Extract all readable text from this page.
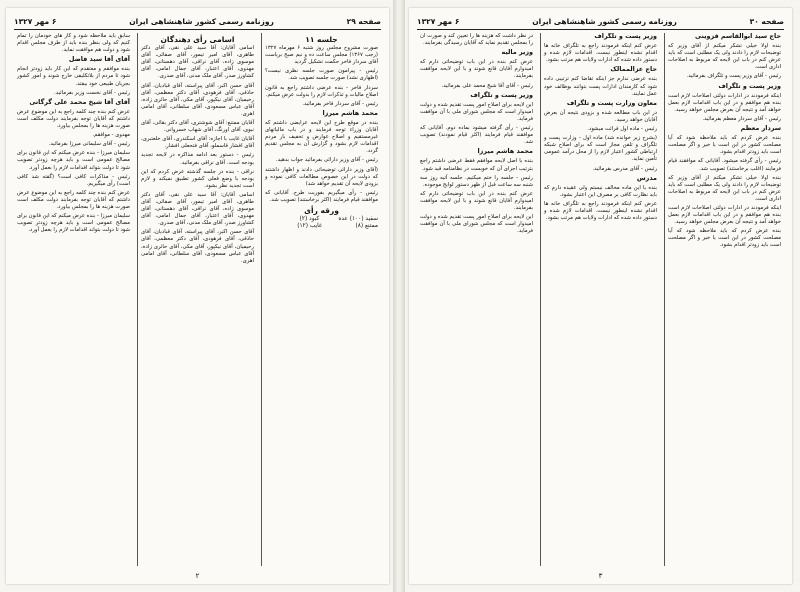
صفحه ۲۹
روزنامه رسمی کشور شاهنشاهی ایران
۶ مهر ۱۳۲۷
جلسه ۱۱

صورت مشروح مجلس روز شنبه ۶ مهرماه ۱۳۲۷ (رجب ۱۳۶۷) مجلس ساعت ده و نیم صبح بریاست آقای سردار فاخر حکمت تشکیل گردید

رئیس - پیرامون صورت جلسه نظری نیست؟ (اظهاری نشد) صورت جلسه تصویب شد.

سردار فاخر - بنده عرضی داشتم راجع به قانون اصلاح مالیات و تذکرات لازم را بدولت عرض میکنم.

رئیس - آقای سردار فاخر بفرمائید.

محمد هاشم میرزا

بنده در موقع طرح این لایحه عرایضی داشتم که آقایان وزراء توجه فرمایند و در باب مالیاتهای غیرمستقیم و اصلاح عوارض و تخفیف بار مردم اقدامات لازم بشود و گزارش آن به مجلس تقدیم گردد.

رئیس - آقای وزیر دارائی بفرمائید جواب بدهید.

(آقای وزیر دارائی توضیحاتی دادند و اظهار داشتند که دولت در این خصوص مطالعات کافی نموده و بزودی لایحه آن تقدیم خواهد شد)

رئیس - رأی میگیریم بفوریت طرح. آقایانی که موافقند قیام فرمایند (اکثر برخاستند) تصویب شد.

ورقه رأی
سفید (۱۰۰) عده کبود (۲) ممتنع (۸) غایب (۱۲)
اسامی رأی دهندگان

اسامی آقایان: آقا سید علی نقی، آقای دکتر طاهری، آقای امیر تیمور، آقای صفائی، آقای موسوی زاده، آقای نراقی، آقای دهستانی، آقای مهدوی، آقای اعتبار، آقای جمال امامی، آقای کشاورز صدر، آقای ملک مدنی، آقای صدری.

آقای حسن اکبر، آقای پیراسته، آقای قبادیان، آقای حاذقی، آقای فرهودی، آقای دکتر معظمی، آقای رحیمیان، آقای نیکپور، آقای مکی، آقای حائری زاده، آقای عباس مسعودی، آقای سلطانی، آقای امامی اهری.

آقایان ممتنع: آقای شوشتری، آقای دکتر بقائی، آقای نبوی، آقای اورنگ، آقای شهاب خسروانی.

آقایان غایب با اجازه: آقای اسکندری، آقای خلعتبری، آقای افشار قاسملو، آقای فتحعلی افشار.

رئیس - دستور بعد ادامه مذاکره در لایحه تجدید بودجه است. آقای نراقی بفرمائید.

نراقی - بنده در جلسه گذشته عرض کردم که این بودجه با وضع فعلی کشور تطبیق نمیکند و لازم است تجدید نظر بشود.

اسامی آقایان: آقا سید علی نقی، آقای دکتر طاهری، آقای امیر تیمور، آقای صفائی، آقای موسوی زاده، آقای نراقی، آقای دهستانی، آقای مهدوی، آقای اعتبار، آقای جمال امامی، آقای کشاورز صدر، آقای ملک مدنی، آقای صدری.

آقای حسن اکبر، آقای پیراسته، آقای قبادیان، آقای حاذقی، آقای فرهودی، آقای دکتر معظمی، آقای رحیمیان، آقای نیکپور، آقای مکی، آقای حائری زاده، آقای عباس مسعودی، آقای سلطانی، آقای امامی اهری.

سابق باید ملاحظه شود و کار های خودمان را تمام کنیم که ولی بنظر بنده باید از طرف مجلس اقدام شود و دولت هم موافقت نماید.

آقای آقا سید فاضل

بنده موافقم و معتقدم که این کار باید زودتر انجام شود تا مردم از بلاتکلیفی خارج شوند و امور کشور بجریان طبیعی خود بیفتد.

رئیس - آقای نخست وزیر بفرمائید.

آقای آقا شیخ محمد علی گرگانی

عرض کنم بنده چند کلمه راجع به این موضوع عرض داشتم که آقایان توجه بفرمایند دولت مکلف است صورت هزینه ها را بمجلس بیاورد.

مهدوی - موافقم.

رئیس - آقای سلیمانی میرزا بفرمائید.

سلیمان میرزا - بنده عرض میکنم که این قانون برای مصالح عمومی است و باید هرچه زودتر تصویب شود تا دولت بتواند اقدامات لازم را بعمل آورد.

رئیس - مذاکرات کافی است؟ (گفته شد کافی است) رأی میگیریم.

عرض کنم بنده چند کلمه راجع به این موضوع عرض داشتم که آقایان توجه بفرمایند دولت مکلف است صورت هزینه ها را بمجلس بیاورد.

سلیمان میرزا - بنده عرض میکنم که این قانون برای مصالح عمومی است و باید هرچه زودتر تصویب شود تا دولت بتواند اقدامات لازم را بعمل آورد.

۲
صفحه ۳۰
روزنامه رسمی کشور شاهنشاهی ایران
۶ مهر ۱۳۲۷

حاج سید ابوالقاسم قزوینی

بنده اولا خیلی تشکر میکنم از آقای وزیر که توضیحات لازم را دادند ولی یک مطلبی است که باید عرض کنم در باب این لایحه که مربوط به اصلاحات اداری است.

رئیس - آقای وزیر پست و تلگراف بفرمائید.

وزیر پست و تلگراف

اینکه فرمودند در ادارات دولتی اصلاحات لازم است بنده هم موافقم و در این باب اقدامات لازم بعمل خواهد آمد و نتیجه آن بعرض مجلس خواهد رسید.

رئیس - آقای سردار معظم بفرمائید.

سردار معظم

بنده عرض کردم که باید ملاحظه شود که آیا مصلحت کشور در این است یا خیر و اگر مصلحت است باید زودتر اقدام بشود.

رئیس - رأی گرفته میشود. آقایانی که موافقند قیام فرمایند (اغلب برخاستند) تصویب شد.

بنده اولا خیلی تشکر میکنم از آقای وزیر که توضیحات لازم را دادند ولی یک مطلبی است که باید عرض کنم در باب این لایحه که مربوط به اصلاحات اداری است.

اینکه فرمودند در ادارات دولتی اصلاحات لازم است بنده هم موافقم و در این باب اقدامات لازم بعمل خواهد آمد و نتیجه آن بعرض مجلس خواهد رسید.

بنده عرض کردم که باید ملاحظه شود که آیا مصلحت کشور در این است یا خیر و اگر مصلحت است باید زودتر اقدام بشود.

وزیر پست و تلگراف

عرض کنم اینکه فرمودند راجع به تلگراف خانه ها اقدام نشده اینطور نیست. اقدامات لازم شده و دستور داده شده که ادارات ولایات هم مرتب بشود.

حاج عزالممالک

بنده عرضی ندارم جز اینکه تقاضا کنم ترتیبی داده شود که کارمندان ادارات پست بتوانند بوظائف خود عمل نمایند.

معاون وزارت پست و تلگراف

در این باب مطالعه شده و بزودی نتیجه آن بعرض آقایان خواهد رسید.

رئیس - ماده اول قرائت میشود.

(بشرح زیر خوانده شد) ماده اول - وزارت پست و تلگراف و تلفن مجاز است که برای اصلاح شبکه ارتباطی کشور اعتبار لازم را از محل درآمد عمومی تأمین نماید.

رئیس - آقای مدرس بفرمائید.

مدرس

بنده با این ماده مخالف نیستم ولی عقیده دارم که باید نظارت کافی بر مصرف این اعتبار بشود.

عرض کنم اینکه فرمودند راجع به تلگراف خانه ها اقدام نشده اینطور نیست. اقدامات لازم شده و دستور داده شده که ادارات ولایات هم مرتب بشود.

در نظر داشت که هزینه ها را تعیین کند و صورت آن را بمجلس تقدیم نماید که آقایان رسیدگی بفرمایند.

وزیر مالیه

عرض کنم بنده در این باب توضیحاتی دارم که امیدوارم آقایان قانع شوند و با این لایحه موافقت بفرمایند.

رئیس - آقای آقا شیخ محمد علی بفرمائید.

وزیر پست و تلگراف

این لایحه برای اصلاح امور پست تقدیم شده و دولت امیدوار است که مجلس شورای ملی با آن موافقت فرماید.

رئیس - رأی گرفته میشود بماده دوم. آقایانی که موافقند قیام فرمایند (اکثر قیام نمودند) تصویب شد.

محمد هاشم میرزا

بنده با اصل لایحه موافقم فقط عرضی داشتم راجع بترتیب اجرای آن که خوبست در نظامنامه قید شود.

رئیس - جلسه را ختم میکنیم. جلسه آتیه روز سه شنبه سه ساعت قبل از ظهر دستور لوایح موجوده.

عرض کنم بنده در این باب توضیحاتی دارم که امیدوارم آقایان قانع شوند و با این لایحه موافقت بفرمایند.

این لایحه برای اصلاح امور پست تقدیم شده و دولت امیدوار است که مجلس شورای ملی با آن موافقت فرماید.

۳
